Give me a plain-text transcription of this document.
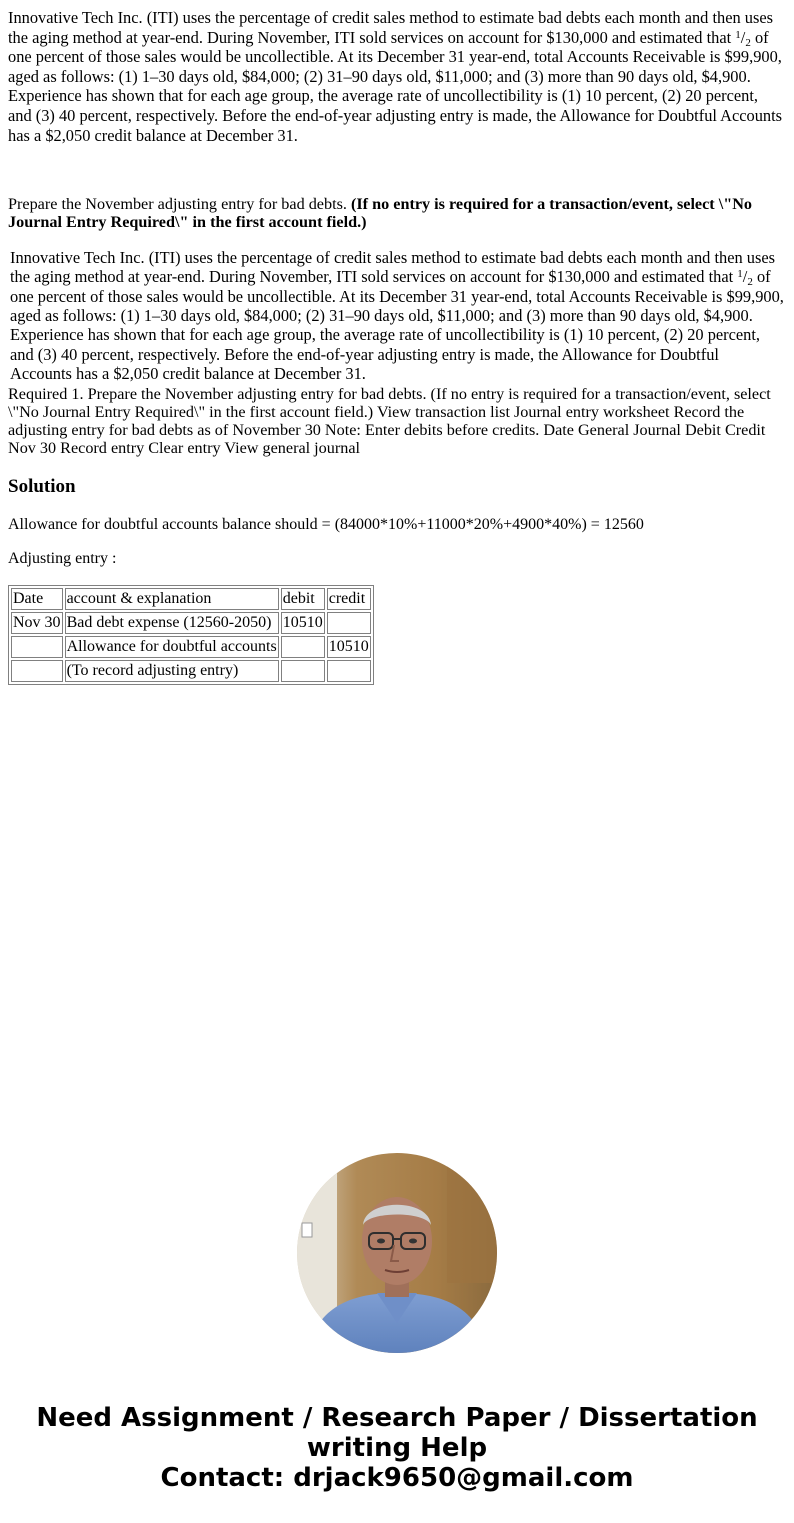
Innovative Tech Inc. (ITI) uses the percentage of credit sales method to estimate bad debts each month and then uses the aging method at year-end. During November, ITI sold services on account for $130,000 and estimated that $^1/_2$ of one percent of those sales would be uncollectible. At its December 31 year-end, total Accounts Receivable is $99,900, aged as follows: (1) 1–30 days old, $84,000; (2) 31–90 days old, $11,000; and (3) more than 90 days old, $4,900. Experience has shown that for each age group, the average rate of uncollectibility is (1) 10 percent, (2) 20 percent, and (3) 40 percent, respectively. Before the end-of-year adjusting entry is made, the Allowance for Doubtful Accounts has a $2,050 credit balance at December 31.
Prepare the November adjusting entry for bad debts. (If no entry is required for a transaction/event, select \"No Journal Entry Required\" in the first account field.)
Innovative Tech Inc. (ITI) uses the percentage of credit sales method to estimate bad debts each month and then uses the aging method at year-end. During November, ITI sold services on account for $130,000 and estimated that $^1/_2$ of one percent of those sales would be uncollectible. At its December 31 year-end, total Accounts Receivable is $99,900, aged as follows: (1) 1–30 days old, $84,000; (2) 31–90 days old, $11,000; and (3) more than 90 days old, $4,900. Experience has shown that for each age group, the average rate of uncollectibility is (1) 10 percent, (2) 20 percent, and (3) 40 percent, respectively. Before the end-of-year adjusting entry is made, the Allowance for Doubtful Accounts has a $2,050 credit balance at December 31.
Required 1. Prepare the November adjusting entry for bad debts. (If no entry is required for a transaction/event, select \"No Journal Entry Required\" in the first account field.) View transaction list Journal entry worksheet Record the adjusting entry for bad debts as of November 30 Note: Enter debits before credits. Date General Journal Debit Credit Nov 30 Record entry Clear entry View general journal
Solution
Allowance for doubtful accounts balance should = (84000*10%+11000*20%+4900*40%) = 12560
Adjusting entry :
Date	account & explanation	debit	credit
Nov 30	Bad debt expense (12560-2050)	10510	
	Allowance for doubtful accounts		10510
	(To record adjusting entry)		
Need Assignment / Research Paper / Dissertation
writing Help
Contact: drjack9650@gmail.com
